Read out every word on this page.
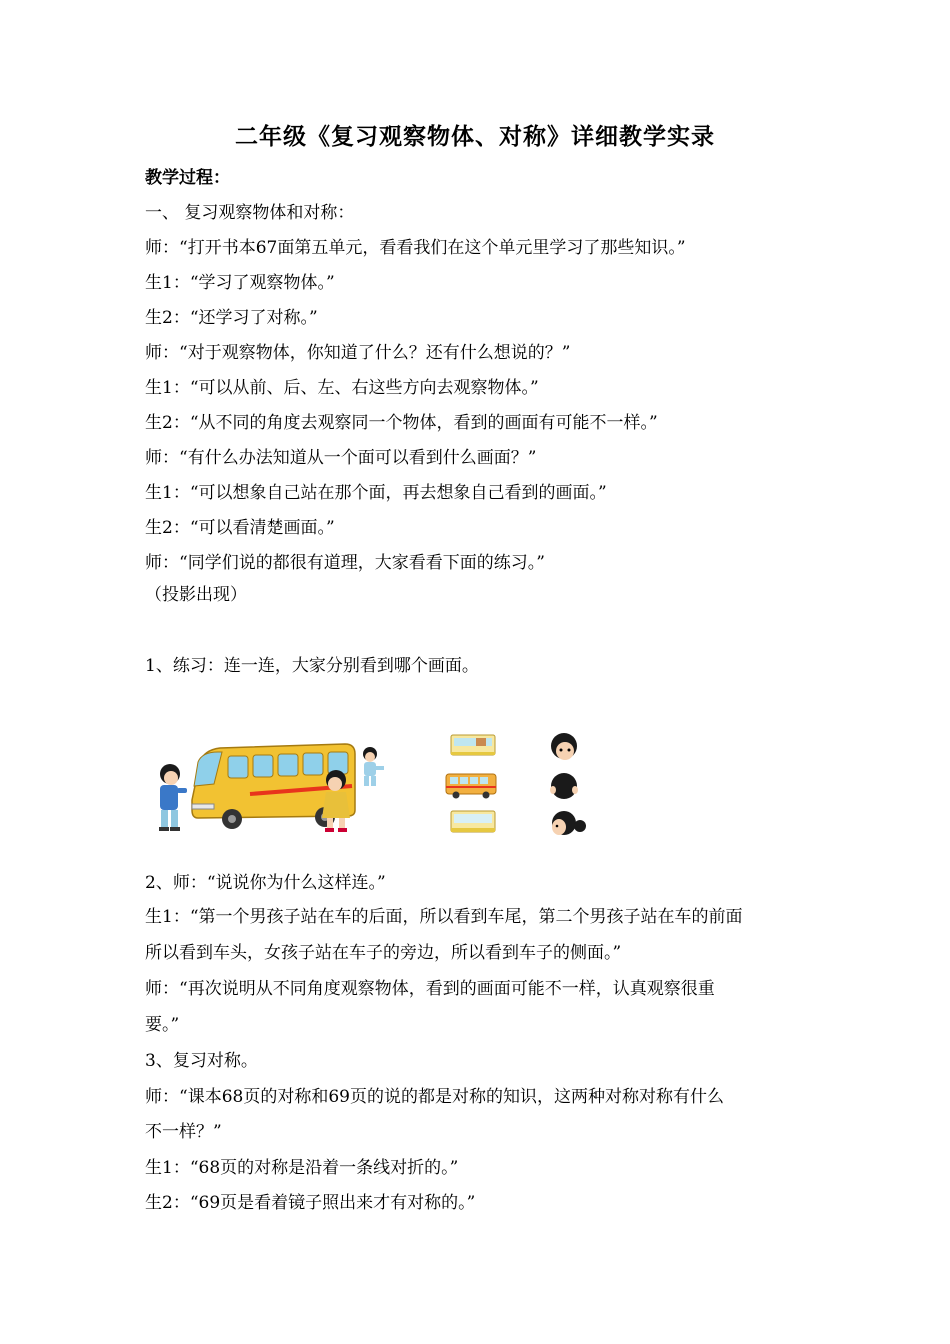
二年级《复习观察物体、对称》详细教学实录
教学过程：
一、 复习观察物体和对称：
师：“打开书本67面第五单元，看看我们在这个单元里学习了那些知识。”
生1：“学习了观察物体。”
生2：“还学习了对称。”
师：“对于观察物体，你知道了什么？还有什么想说的？”
生1：“可以从前、后、左、右这些方向去观察物体。”
生2：“从不同的角度去观察同一个物体，看到的画面有可能不一样。”
师：“有什么办法知道从一个面可以看到什么画面？”
生1：“可以想象自己站在那个面，再去想象自己看到的画面。”
生2：“可以看清楚画面。”
师：“同学们说的都很有道理，大家看看下面的练习。”
（投影出现）
1、练习：连一连，大家分别看到哪个画面。
2、师：“说说你为什么这样连。”
生1：“第一个男孩子站在车的后面，所以看到车尾，第二个男孩子站在车的前面
所以看到车头，女孩子站在车子的旁边，所以看到车子的侧面。”
师：“再次说明从不同角度观察物体，看到的画面可能不一样，认真观察很重
要。”
3、复习对称。
师：“课本68页的对称和69页的说的都是对称的知识，这两种对称对称有什么
不一样？”
生1：“68页的对称是沿着一条线对折的。”
生2：“69页是看着镜子照出来才有对称的。”
